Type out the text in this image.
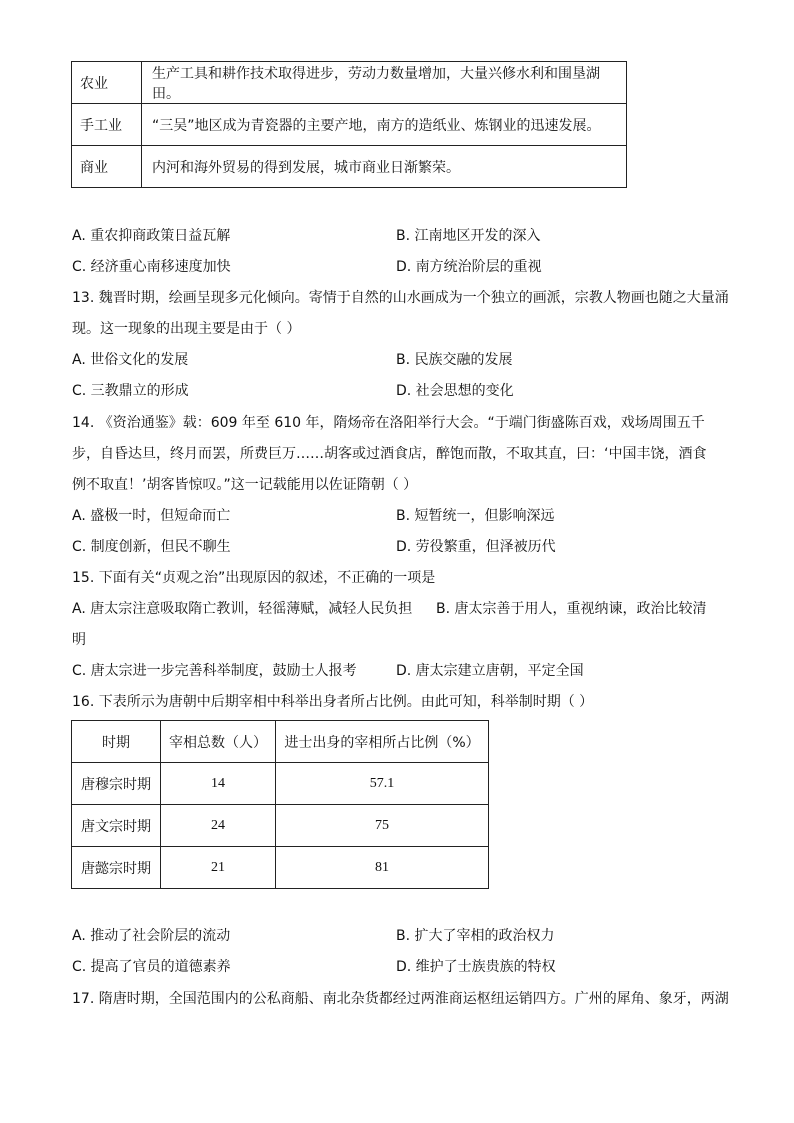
农业	生产工具和耕作技术取得进步，劳动力数量增加，大量兴修水利和围垦湖田。
手工业	“三吴”地区成为青瓷器的主要产地，南方的造纸业、炼钢业的迅速发展。
商业	内河和海外贸易的得到发展，城市商业日渐繁荣。
A. 重农抑商政策日益瓦解	B. 江南地区开发的深入
C. 经济重心南移速度加快	D. 南方统治阶层的重视
13. 魏晋时期，绘画呈现多元化倾向。寄情于自然的山水画成为一个独立的画派，宗教人物画也随之大量涌
现。这一现象的出现主要是由于（ ）
A. 世俗文化的发展	B. 民族交融的发展
C. 三教鼎立的形成	D. 社会思想的变化
14. 《资治通鉴》载：609 年至 610 年，隋炀帝在洛阳举行大会。“于端门街盛陈百戏，戏场周围五千
步，自昏达旦，终月而罢，所费巨万……胡客或过酒食店，醉饱而散，不取其直，曰：‘中国丰饶，酒食
例不取直！’胡客皆惊叹。”这一记载能用以佐证隋朝（ ）
A. 盛极一时，但短命而亡	B. 短暂统一，但影响深远
C. 制度创新，但民不聊生	D. 劳役繁重，但泽被历代
15. 下面有关“贞观之治”出现原因的叙述，不正确的一项是
A. 唐太宗注意吸取隋亡教训，轻徭薄赋，减轻人民负担 B. 唐太宗善于用人，重视纳谏，政治比较清
明
C. 唐太宗进一步完善科举制度，鼓励士人报考	D. 唐太宗建立唐朝，平定全国
16. 下表所示为唐朝中后期宰相中科举出身者所占比例。由此可知，科举制时期（ ）
时期	宰相总数（人）	进士出身的宰相所占比例（%）
唐穆宗时期	14	57.1
唐文宗时期	24	75
唐懿宗时期	21	81
A. 推动了社会阶层的流动	B. 扩大了宰相的政治权力
C. 提高了官员的道德素养	D. 维护了士族贵族的特权
17. 隋唐时期，全国范围内的公私商船、南北杂货都经过两淮商运枢纽运销四方。广州的犀角、象牙，两湖
